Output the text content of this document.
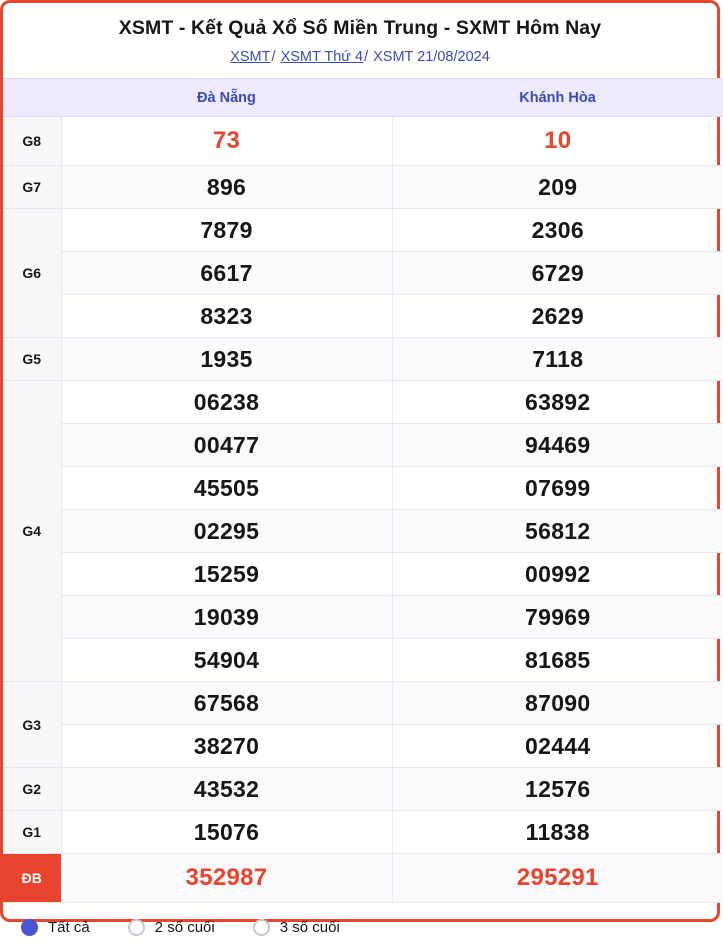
XSMT - Kết Quả Xổ Số Miền Trung - SXMT Hôm Nay
XSMT/ XSMT Thứ 4/ XSMT 21/08/2024
	Đà Nẵng	Khánh Hòa
G8	73	10
G7	896	209
G6	7879	2306
	6617	6729
	8323	2629
G5	1935	7118
G4	06238	63892
	00477	94469
	45505	07699
	02295	56812
	15259	00992
	19039	79969
	54904	81685
G3	67568	87090
	38270	02444
G2	43532	12576
G1	15076	11838
ĐB	352987	295291
Tất cả	2 số cuối	3 số cuối
